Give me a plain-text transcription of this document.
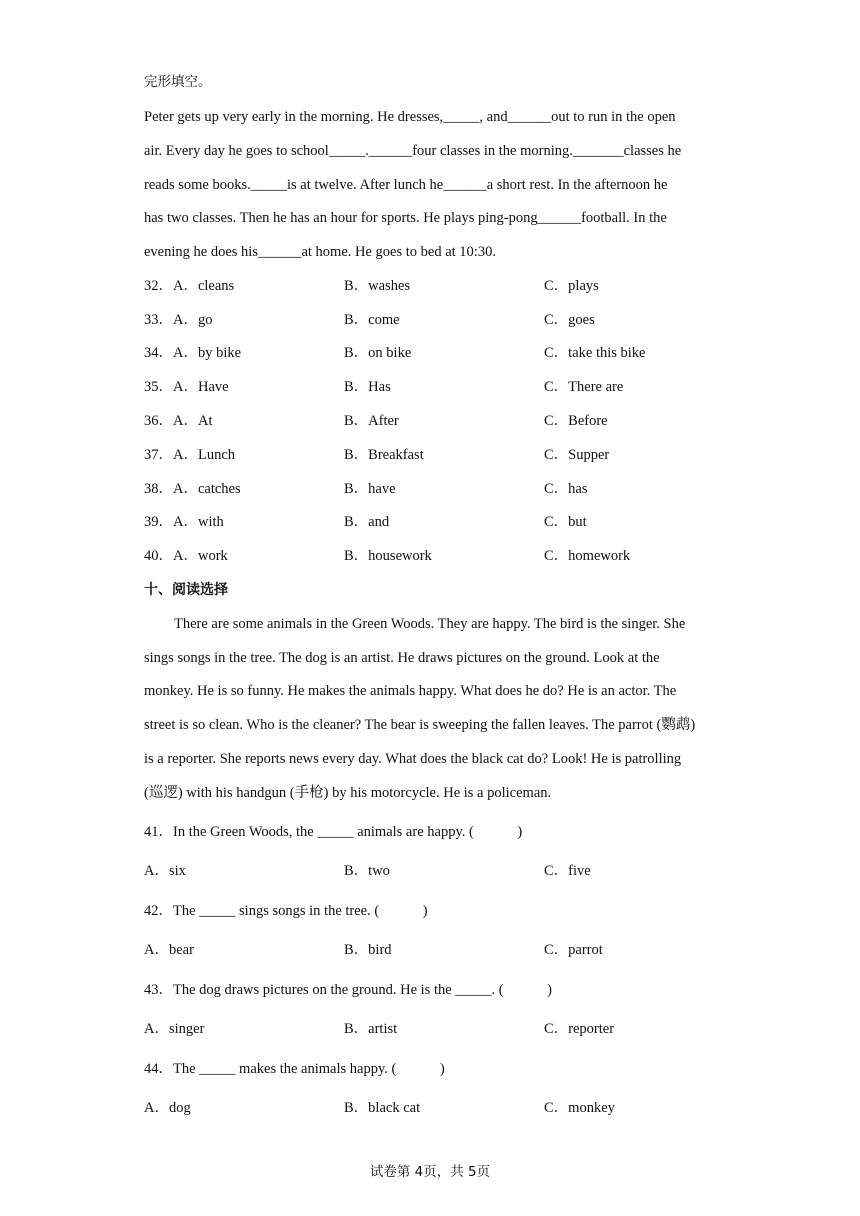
完形填空。
Peter gets up very early in the morning. He dresses,_____, and______out to run in the open
air. Every day he goes to school_____.______four classes in the morning._______classes he
reads some books._____is at twelve. After lunch he______a short rest. In the afternoon he
has two classes. Then he has an hour for sports. He plays ping-pong______football. In the
evening he does his______at home. He goes to bed at 10:30.
32．A．cleans	B．washes	C．plays
33．A．go	B．come	C．goes
34．A．by bike	B．on bike	C．take this bike
35．A．Have	B．Has	C．There are
36．A．At	B．After	C．Before
37．A．Lunch	B．Breakfast	C．Supper
38．A．catches	B．have	C．has
39．A．with	B．and	C．but
40．A．work	B．housework	C．homework
十、阅读选择
There are some animals in the Green Woods. They are happy. The bird is the singer. She
sings songs in the tree. The dog is an artist. He draws pictures on the ground. Look at the
monkey. He is so funny. He makes the animals happy. What does he do? He is an actor. The
street is so clean. Who is the cleaner? The bear is sweeping the fallen leaves. The parrot (鹦鹉)
is a reporter. She reports news every day. What does the black cat do? Look! He is patrolling
(巡逻) with his handgun (手枪) by his motorcycle. He is a policeman.
41．In the Green Woods, the _____ animals are happy. (　　　)
A．six	B．two	C．five
42．The _____ sings songs in the tree. (　　　)
A．bear	B．bird	C．parrot
43．The dog draws pictures on the ground. He is the _____. (　　　)
A．singer	B．artist	C．reporter
44．The _____ makes the animals happy. (　　　)
A．dog	B．black cat	C．monkey
试卷第 4页，共 5页
